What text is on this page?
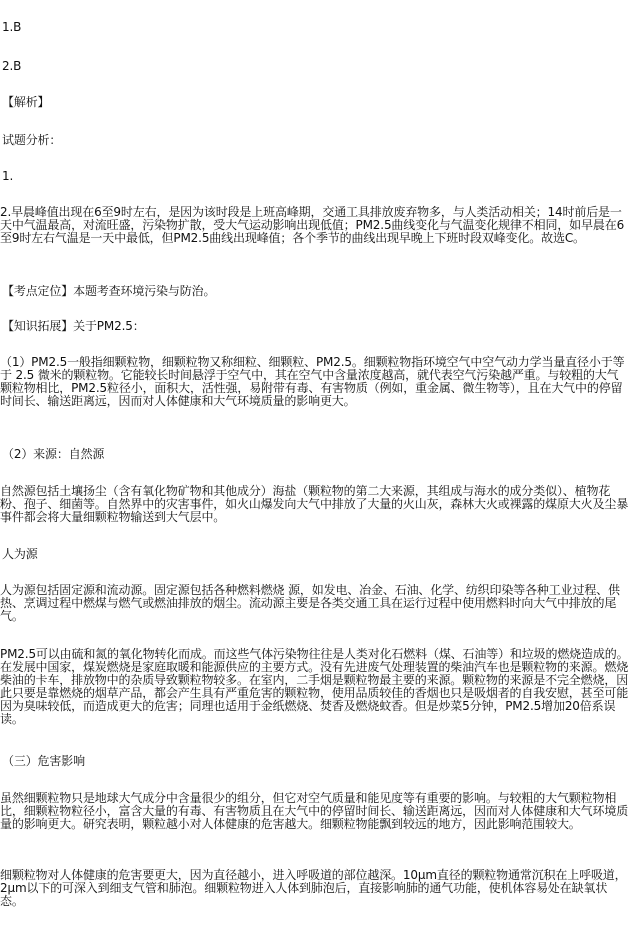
1.B

2.B

【解析】

试题分析：

1.

2.早晨峰值出现在6至9时左右，是因为该时段是上班高峰期，交通工具排放废弃物多，与人类活动相关；14时前后是一天中气温最高，对流旺盛，污染物扩散，受大气运动影响出现低值；PM2.5曲线变化与气温变化规律不相同，如早晨在6至9时左右气温是一天中最低，但PM2.5曲线出现峰值；各个季节的曲线出现早晚上下班时段双峰变化。故选C。

【考点定位】本题考查环境污染与防治。

【知识拓展】关于PM2.5：

（1）PM2.5一般指细颗粒物，细颗粒物又称细粒、细颗粒、PM2.5。细颗粒物指环境空气中空气动力学当量直径小于等于 2.5 微米的颗粒物。它能较长时间悬浮于空气中，其在空气中含量浓度越高，就代表空气污染越严重。与较粗的大气颗粒物相比，PM2.5粒径小，面积大，活性强，易附带有毒、有害物质（例如，重金属、微生物等），且在大气中的停留时间长、输送距离远，因而对人体健康和大气环境质量的影响更大。

（2）来源：自然源

自然源包括土壤扬尘（含有氧化物矿物和其他成分）海盐（颗粒物的第二大来源，其组成与海水的成分类似）、植物花粉、孢子、细菌等。自然界中的灾害事件，如火山爆发向大气中排放了大量的火山灰，森林大火或裸露的煤原大火及尘暴事件都会将大量细颗粒物输送到大气层中。

人为源

人为源包括固定源和流动源。固定源包括各种燃料燃烧 源，如发电、冶金、石油、化学、纺织印染等各种工业过程、供热、烹调过程中燃煤与燃气或燃油排放的烟尘。流动源主要是各类交通工具在运行过程中使用燃料时向大气中排放的尾气。

PM2.5可以由硫和氮的氧化物转化而成。而这些气体污染物往往是人类对化石燃料（煤、石油等）和垃圾的燃烧造成的。在发展中国家，煤炭燃烧是家庭取暖和能源供应的主要方式。没有先进废气处理装置的柴油汽车也是颗粒物的来源。燃烧柴油的卡车，排放物中的杂质导致颗粒物较多。在室内，二手烟是颗粒物最主要的来源。颗粒物的来源是不完全燃烧，因此只要是靠燃烧的烟草产品，都会产生具有严重危害的颗粒物，使用品质较佳的香烟也只是吸烟者的自我安慰，甚至可能因为臭味较低，而造成更大的危害；同理也适用于金纸燃烧、焚香及燃烧蚊香。但是炒菜5分钟，PM2.5增加20倍系误读。

（三）危害影响

虽然细颗粒物只是地球大气成分中含量很少的组分，但它对空气质量和能见度等有重要的影响。与较粗的大气颗粒物相比，细颗粒物粒径小，富含大量的有毒、有害物质且在大气中的停留时间长、输送距离远，因而对人体健康和大气环境质量的影响更大。研究表明，颗粒越小对人体健康的危害越大。细颗粒物能飘到较远的地方，因此影响范围较大。

细颗粒物对人体健康的危害要更大，因为直径越小，进入呼吸道的部位越深。10μm直径的颗粒物通常沉积在上呼吸道，2μm以下的可深入到细支气管和肺泡。细颗粒物进入人体到肺泡后，直接影响肺的通气功能，使机体容易处在缺氧状态。
